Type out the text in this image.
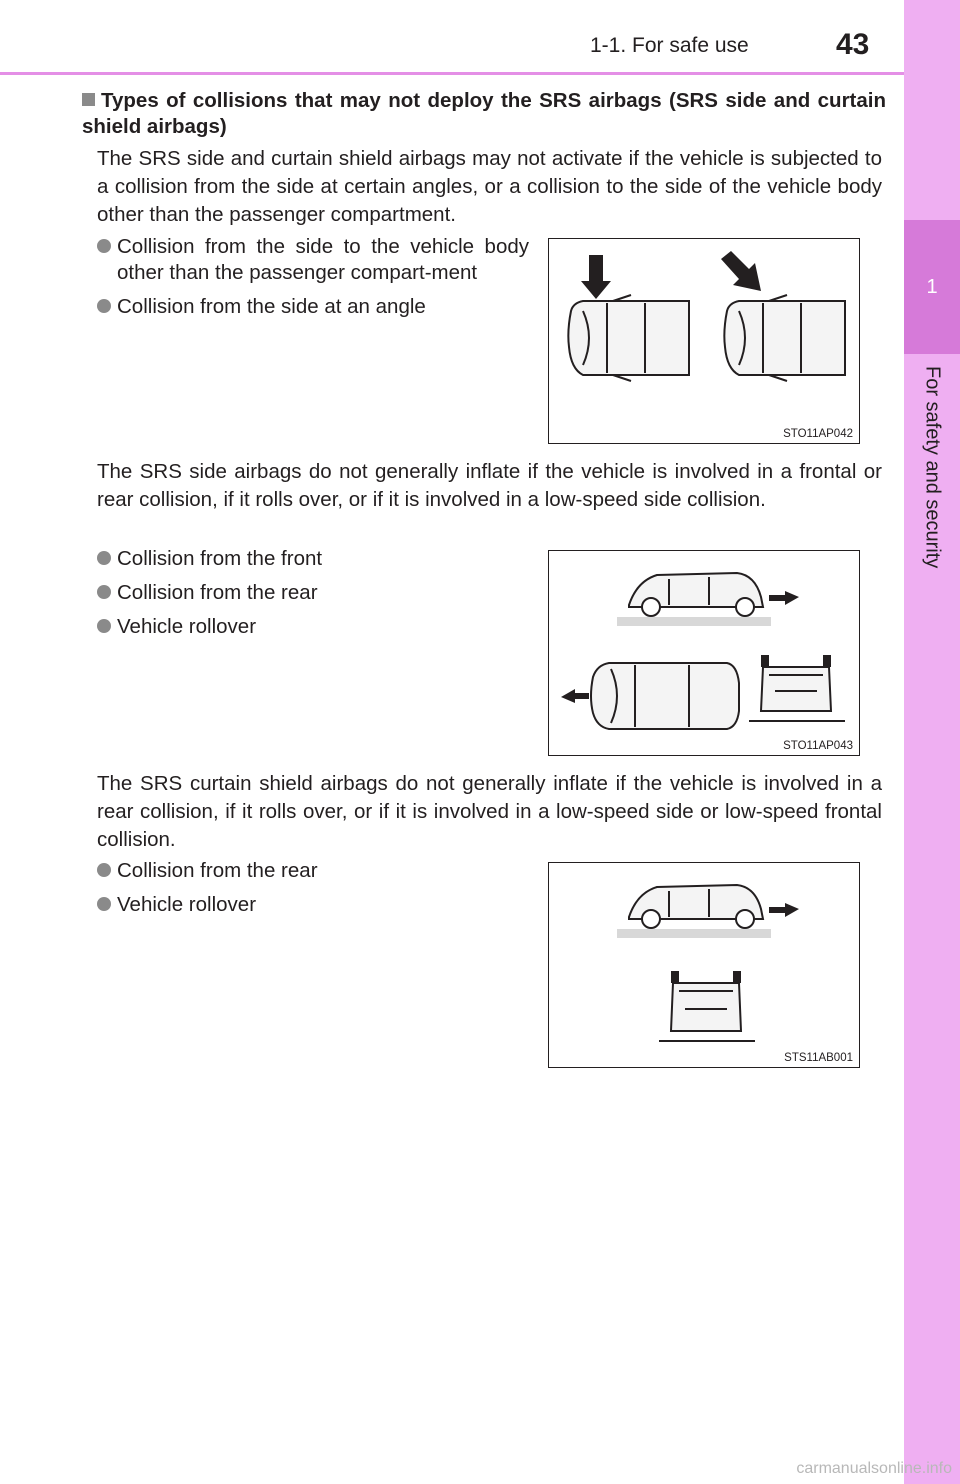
1-1. For safe use	43
1
For safety and security
Types of collisions that may not deploy the SRS airbags (SRS side and curtain shield airbags)
The SRS side and curtain shield airbags may not activate if the vehicle is subjected to a collision from the side at certain angles, or a collision to the side of the vehicle body other than the passenger compartment.
Collision from the side to the vehicle body other than the passenger compart-ment
Collision from the side at an angle
STO11AP042
The SRS side airbags do not generally inflate if the vehicle is involved in a frontal or rear collision, if it rolls over, or if it is involved in a low-speed side collision.
Collision from the front
Collision from the rear
Vehicle rollover
STO11AP043
The SRS curtain shield airbags do not generally inflate if the vehicle is involved in a rear collision, if it rolls over, or if it is involved in a low-speed side or low-speed frontal collision.
Collision from the rear
Vehicle rollover
STS11AB001
carmanualsonline.info
